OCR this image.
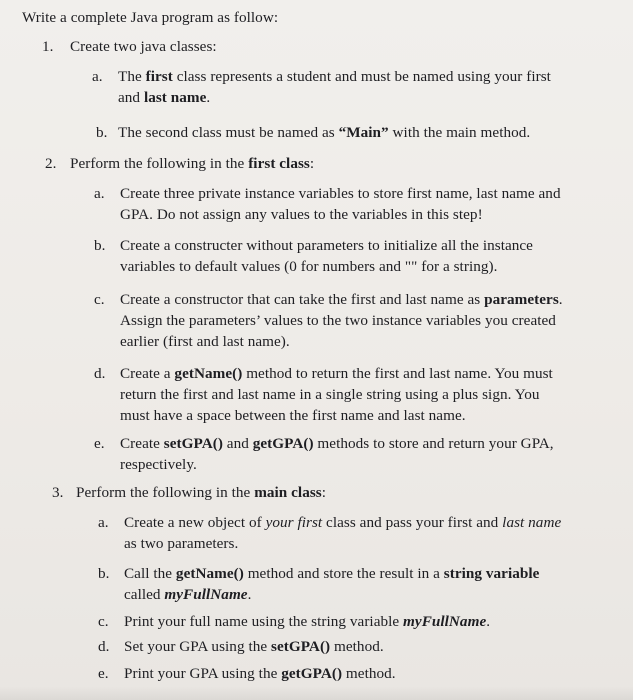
Write a complete Java program as follow:
1. Create two java classes:
a. The first class represents a student and must be named using your first
and last name.
b. The second class must be named as “Main” with the main method.
2. Perform the following in the first class:
a. Create three private instance variables to store first name, last name and
GPA. Do not assign any values to the variables in this step!
b. Create a constructer without parameters to initialize all the instance
variables to default values (0 for numbers and "" for a string).
c. Create a constructor that can take the first and last name as parameters.
Assign the parameters’ values to the two instance variables you created
earlier (first and last name).
d. Create a getName() method to return the first and last name. You must
return the first and last name in a single string using a plus sign. You
must have a space between the first name and last name.
e. Create setGPA() and getGPA() methods to store and return your GPA,
respectively.
3. Perform the following in the main class:
a. Create a new object of your first class and pass your first and last name
as two parameters.
b. Call the getName() method and store the result in a string variable
called myFullName.
c. Print your full name using the string variable myFullName.
d. Set your GPA using the setGPA() method.
e. Print your GPA using the getGPA() method.
